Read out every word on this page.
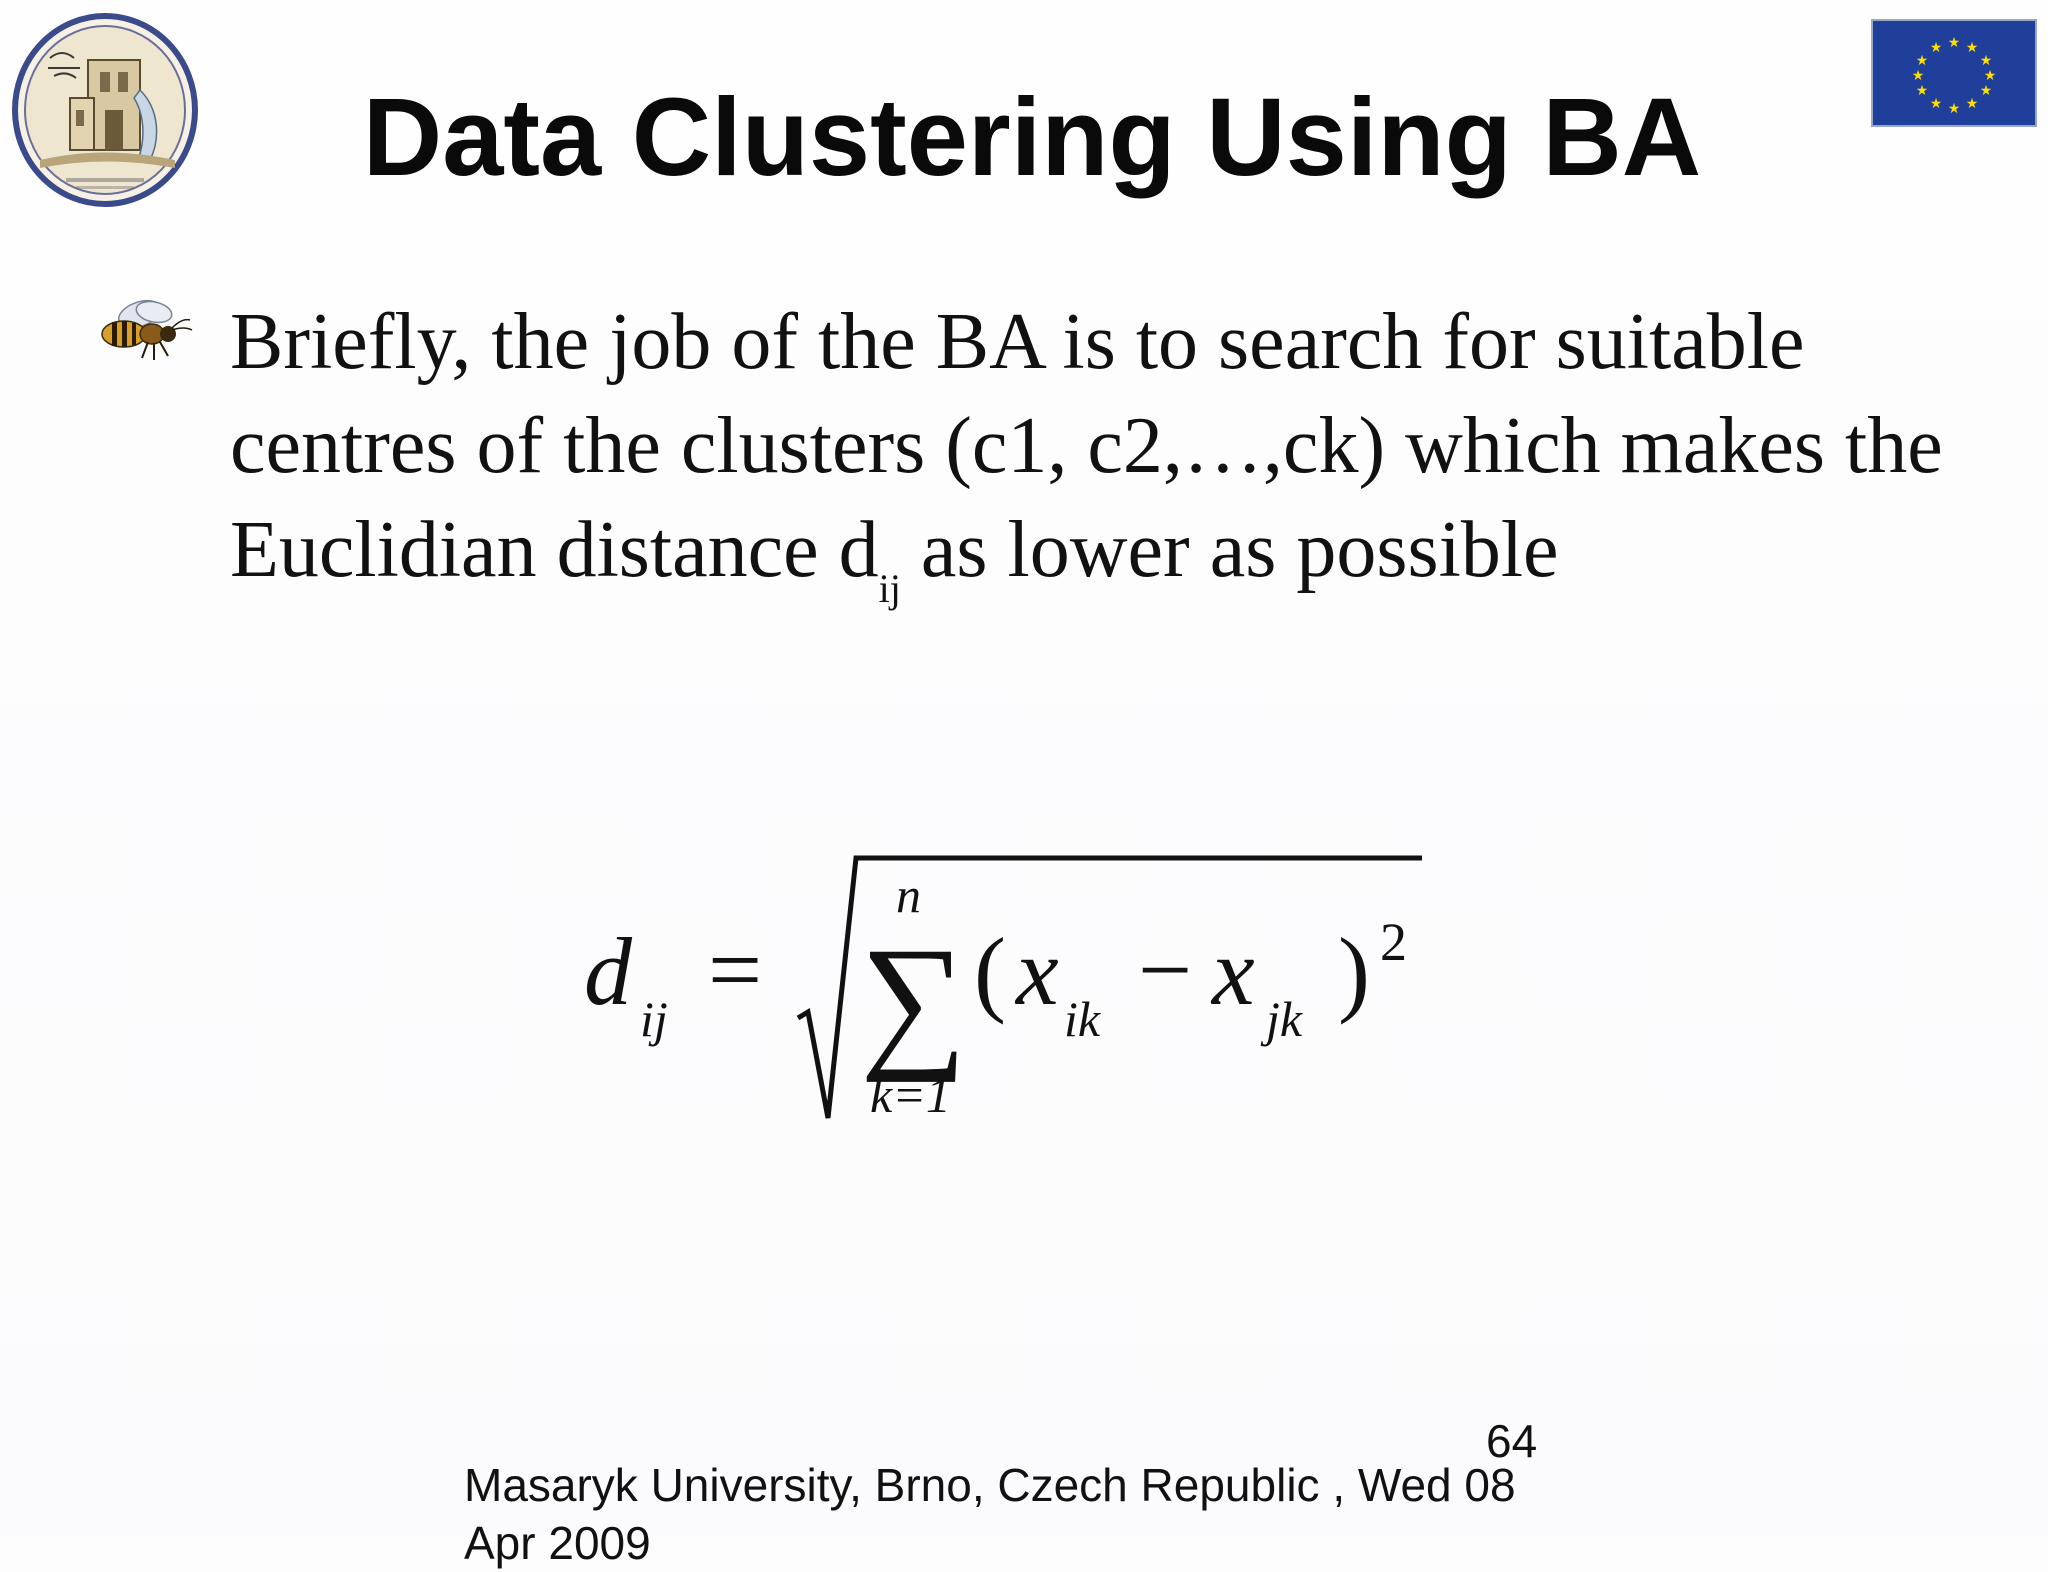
★ ★
★
★
★
★
★
★
★
★
★
★
Data Clustering Using BA
Briefly, the job of the BA is to search for suitable centres of the clusters (c1, c2,…,ck) which makes the Euclidian distance $d_{ij}$ as lower as possible
d ij = ∑
n
k=1
( x ik − x jk ) 2
64
Masaryk University, Brno, Czech Republic , Wed 08 Apr 2009
